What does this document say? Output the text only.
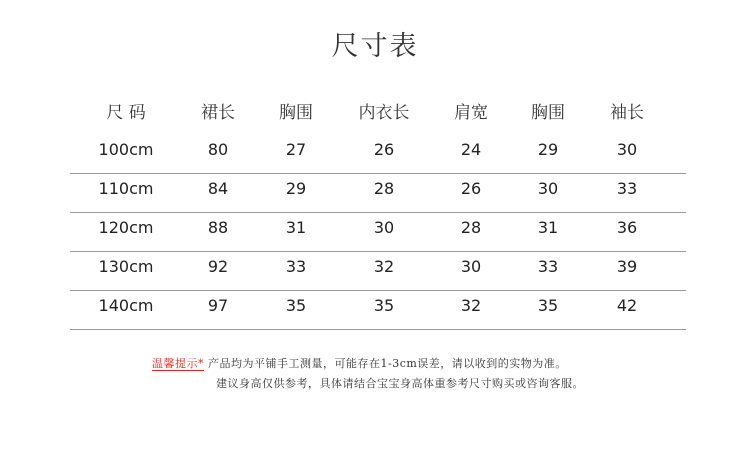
尺寸表
尺 码	裙长	胸围	内衣长	肩宽	胸围	袖长
100cm	80	27	26	24	29	30
110cm	84	29	28	26	30	33
120cm	88	31	30	28	31	36
130cm	92	33	32	30	33	39
140cm	97	35	35	32	35	42
温馨提示* 产品均为平铺手工测量，可能存在1-3cm误差，请以收到的实物为准。
建议身高仅供参考，具体请结合宝宝身高体重参考尺寸购买或咨询客服。
